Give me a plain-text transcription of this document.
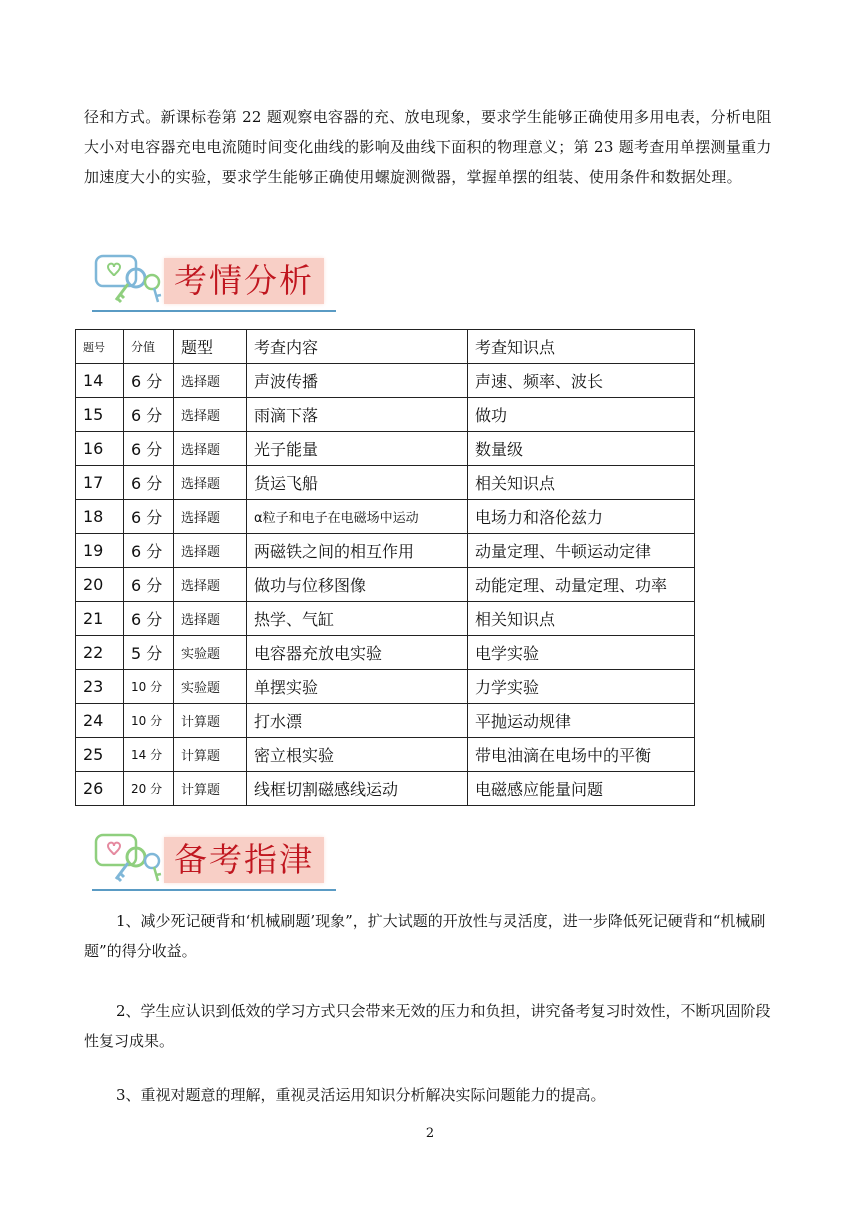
径和方式。新课标卷第 22 题观察电容器的充、放电现象，要求学生能够正确使用多用电表，分析电阻大小对电容器充电电流随时间变化曲线的影响及曲线下面积的物理意义；第 23 题考查用单摆测量重力加速度大小的实验，要求学生能够正确使用螺旋测微器，掌握单摆的组装、使用条件和数据处理。
考情分析
题号	分值	题型	考查内容	考查知识点
14	6 分	选择题	声波传播	声速、频率、波长
15	6 分	选择题	雨滴下落	做功
16	6 分	选择题	光子能量	数量级
17	6 分	选择题	货运飞船	相关知识点
18	6 分	选择题	α粒子和电子在电磁场中运动	电场力和洛伦兹力
19	6 分	选择题	两磁铁之间的相互作用	动量定理、牛顿运动定律
20	6 分	选择题	做功与位移图像	动能定理、动量定理、功率
21	6 分	选择题	热学、气缸	相关知识点
22	5 分	实验题	电容器充放电实验	电学实验
23	10 分	实验题	单摆实验	力学实验
24	10 分	计算题	打水漂	平抛运动规律
25	14 分	计算题	密立根实验	带电油滴在电场中的平衡
26	20 分	计算题	线框切割磁感线运动	电磁感应能量问题
备考指津

1、减少死记硬背和‘机械刷题’现象”，扩大试题的开放性与灵活度，进一步降低死记硬背和“机械刷题”的得分收益。

2、学生应认识到低效的学习方式只会带来无效的压力和负担，讲究备考复习时效性，不断巩固阶段性复习成果。

3、重视对题意的理解，重视灵活运用知识分析解决实际问题能力的提高。

2
